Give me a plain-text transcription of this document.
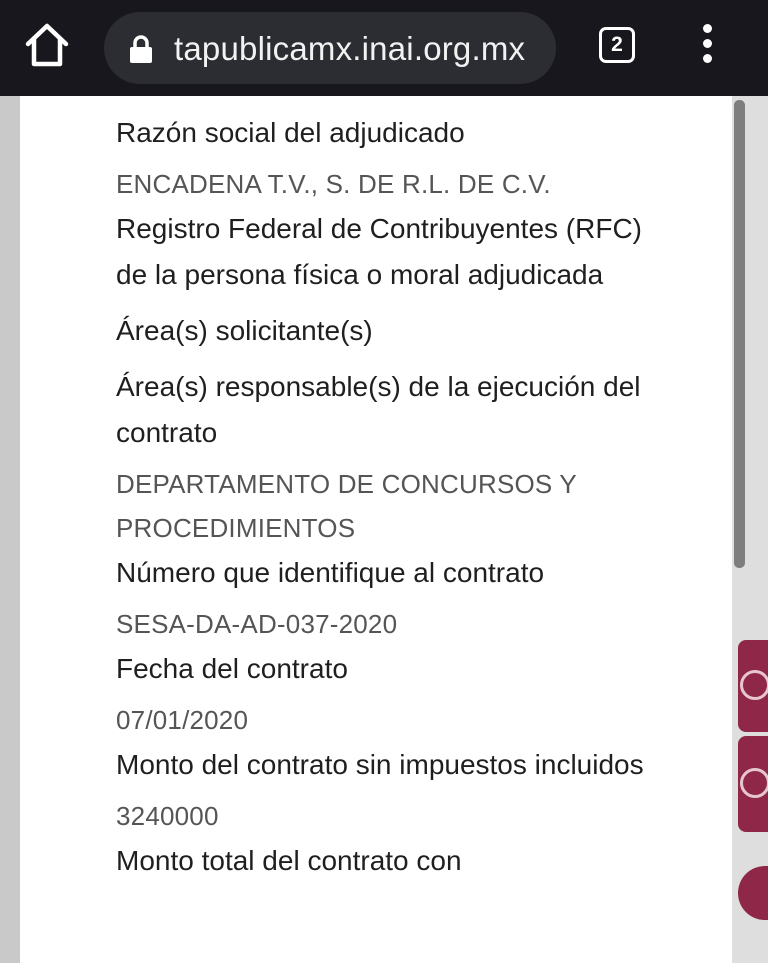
tapublicamx.inai.org.mx	2
Razón social del adjudicado
ENCADENA T.V., S. DE R.L. DE C.V.
Registro Federal de Contribuyentes (RFC) de la persona física o moral adjudicada
Área(s) solicitante(s)
Área(s) responsable(s) de la ejecución del contrato
DEPARTAMENTO DE CONCURSOS Y PROCEDIMIENTOS
Número que identifique al contrato
SESA-DA-AD-037-2020
Fecha del contrato
07/01/2020
Monto del contrato sin impuestos incluidos
3240000
Monto total del contrato con
